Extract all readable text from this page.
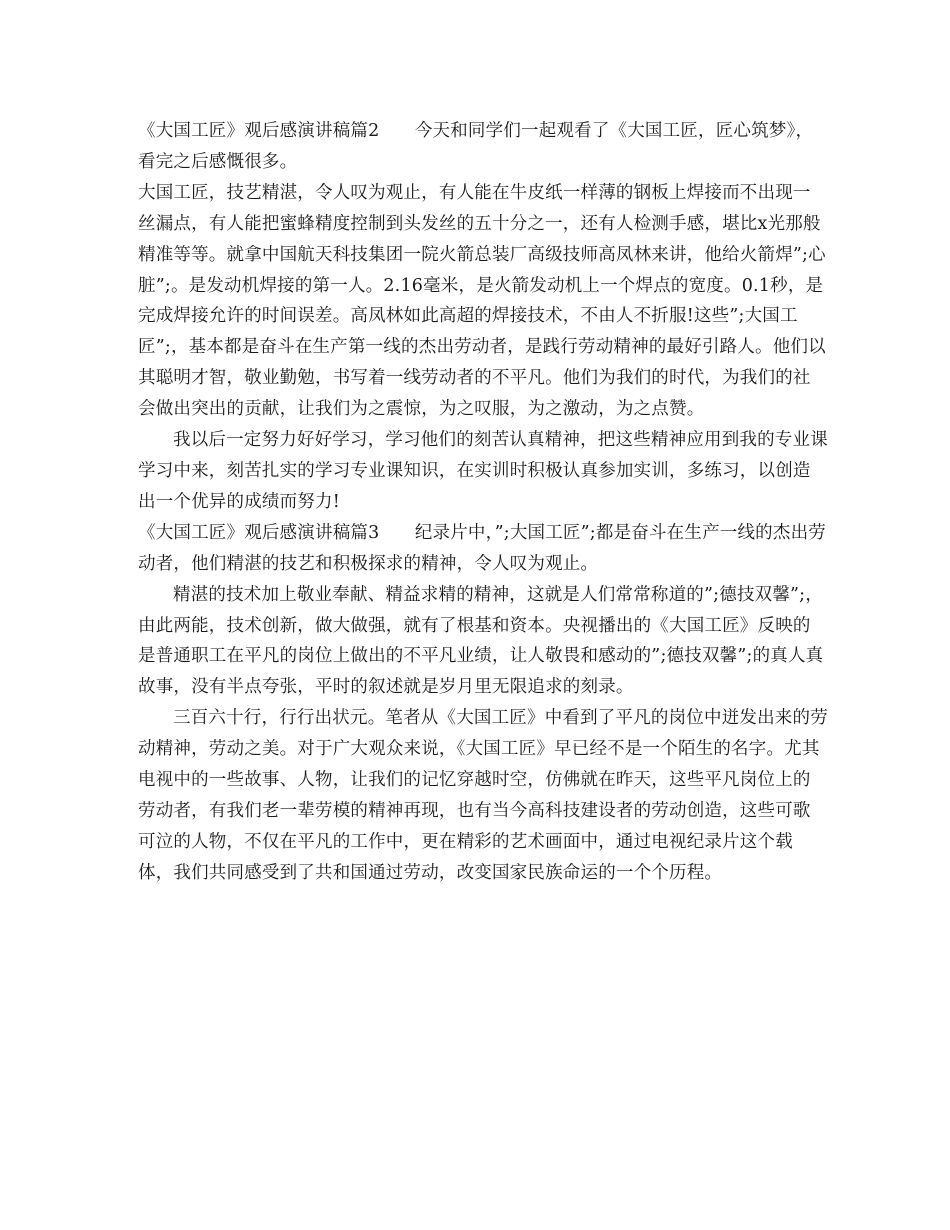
《大国工匠》观后感演讲稿篇2　　今天和同学们一起观看了《大国工匠，匠心筑梦》，看完之后感慨很多。

大国工匠，技艺精湛，令人叹为观止，有人能在牛皮纸一样薄的钢板上焊接而不出现一丝漏点，有人能把蜜蜂精度控制到头发丝的五十分之一，还有人检测手感，堪比x光那般精准等等。就拿中国航天科技集团一院火箭总装厂高级技师高凤林来讲，他给火箭焊”;心脏”;。是发动机焊接的第一人。2.16毫米，是火箭发动机上一个焊点的宽度。0.1秒，是完成焊接允许的时间误差。高凤林如此高超的焊接技术，不由人不折服!这些”;大国工匠”;，基本都是奋斗在生产第一线的杰出劳动者，是践行劳动精神的最好引路人。他们以其聪明才智，敬业勤勉，书写着一线劳动者的不平凡。他们为我们的时代，为我们的社会做出突出的贡献，让我们为之震惊，为之叹服，为之激动，为之点赞。

我以后一定努力好好学习，学习他们的刻苦认真精神，把这些精神应用到我的专业课学习中来，刻苦扎实的学习专业课知识，在实训时积极认真参加实训，多练习，以创造出一个优异的成绩而努力!

《大国工匠》观后感演讲稿篇3　　纪录片中，”;大国工匠”;都是奋斗在生产一线的杰出劳动者，他们精湛的技艺和积极探求的精神，令人叹为观止。

精湛的技术加上敬业奉献、精益求精的精神，这就是人们常常称道的”;德技双馨”;，由此两能，技术创新，做大做强，就有了根基和资本。央视播出的《大国工匠》反映的是普通职工在平凡的岗位上做出的不平凡业绩，让人敬畏和感动的”;德技双馨”;的真人真故事，没有半点夸张，平时的叙述就是岁月里无限追求的刻录。

三百六十行，行行出状元。笔者从《大国工匠》中看到了平凡的岗位中迸发出来的劳动精神，劳动之美。对于广大观众来说，《大国工匠》早已经不是一个陌生的名字。尤其电视中的一些故事、人物，让我们的记忆穿越时空，仿佛就在昨天，这些平凡岗位上的劳动者，有我们老一辈劳模的精神再现，也有当今高科技建设者的劳动创造，这些可歌可泣的人物，不仅在平凡的工作中，更在精彩的艺术画面中，通过电视纪录片这个载体，我们共同感受到了共和国通过劳动，改变国家民族命运的一个个历程。
